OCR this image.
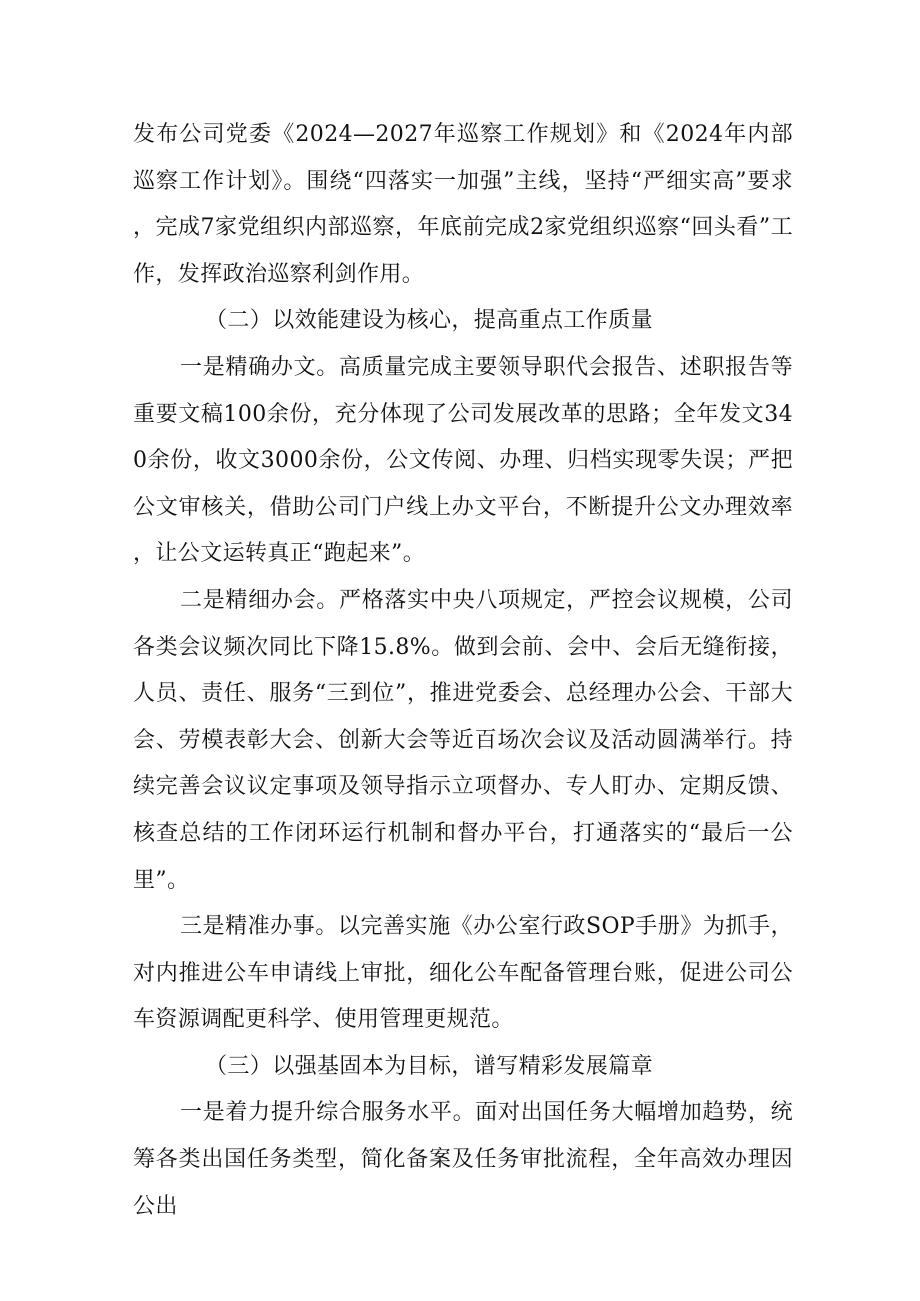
发布公司党委《2024—2027年巡察工作规划》和《2024年内部巡察工作计划》。围绕“四落实一加强”主线，坚持“严细实高”要求，完成7家党组织内部巡察，年底前完成2家党组织巡察“回头看”工作，发挥政治巡察利剑作用。

（二）以效能建设为核心，提高重点工作质量

一是精确办文。高质量完成主要领导职代会报告、述职报告等重要文稿100余份，充分体现了公司发展改革的思路；全年发文340余份，收文3000余份，公文传阅、办理、归档实现零失误；严把公文审核关，借助公司门户线上办文平台，不断提升公文办理效率，让公文运转真正“跑起来”。

二是精细办会。严格落实中央八项规定，严控会议规模，公司各类会议频次同比下降15.8%。做到会前、会中、会后无缝衔接，人员、责任、服务“三到位”，推进党委会、总经理办公会、干部大会、劳模表彰大会、创新大会等近百场次会议及活动圆满举行。持续完善会议议定事项及领导指示立项督办、专人盯办、定期反馈、核查总结的工作闭环运行机制和督办平台，打通落实的“最后一公里”。

三是精准办事。以完善实施《办公室行政SOP手册》为抓手，对内推进公车申请线上审批，细化公车配备管理台账，促进公司公车资源调配更科学、使用管理更规范。

（三）以强基固本为目标，谱写精彩发展篇章

一是着力提升综合服务水平。面对出国任务大幅增加趋势，统筹各类出国任务类型，简化备案及任务审批流程，全年高效办理因公出
